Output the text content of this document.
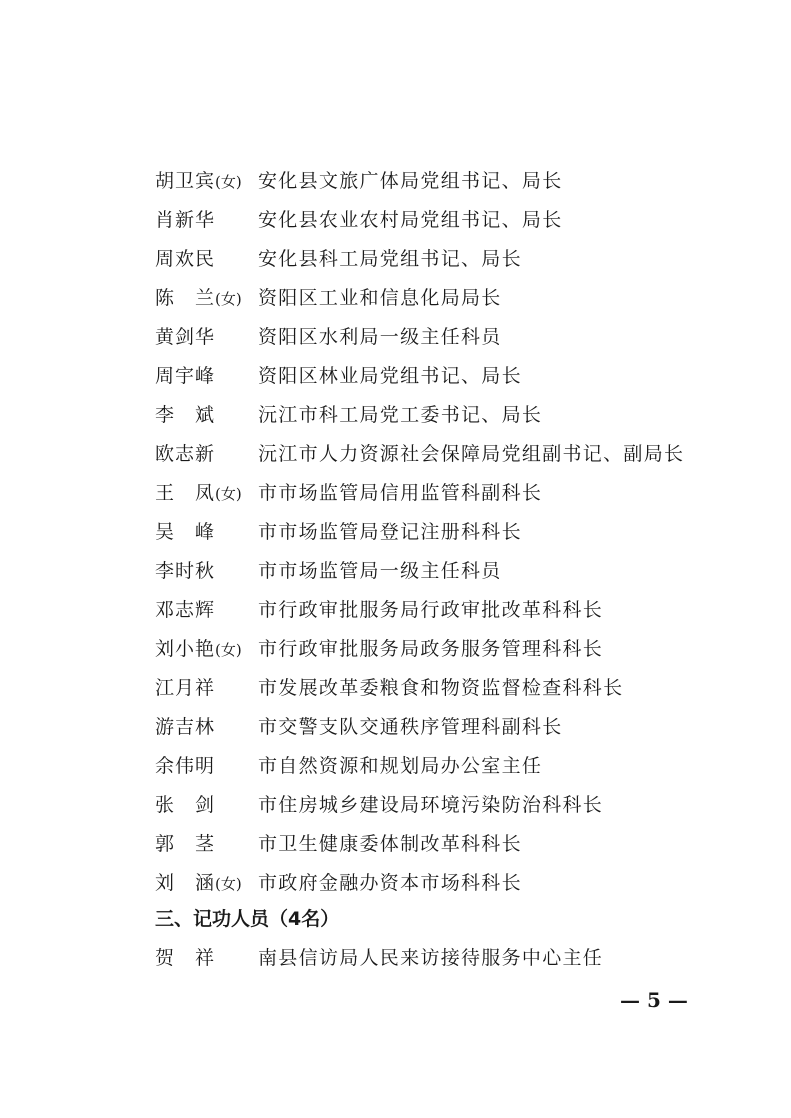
胡卫宾(女) 安化县文旅广体局党组书记、局长
肖新华 安化县农业农村局党组书记、局长
周欢民 安化县科工局党组书记、局长
陈　兰(女) 资阳区工业和信息化局局长
黄剑华 资阳区水利局一级主任科员
周宇峰 资阳区林业局党组书记、局长
李　斌 沅江市科工局党工委书记、局长
欧志新 沅江市人力资源社会保障局党组副书记、副局长
王　凤(女) 市市场监管局信用监管科副科长
吴　峰 市市场监管局登记注册科科长
李时秋 市市场监管局一级主任科员
邓志辉 市行政审批服务局行政审批改革科科长
刘小艳(女) 市行政审批服务局政务服务管理科科长
江月祥 市发展改革委粮食和物资监督检查科科长
游吉林 市交警支队交通秩序管理科副科长
余伟明 市自然资源和规划局办公室主任
张　剑 市住房城乡建设局环境污染防治科科长
郭　茎 市卫生健康委体制改革科科长
刘　涵(女) 市政府金融办资本市场科科长
三、记功人员（4名）
贺　祥 南县信访局人民来访接待服务中心主任
— 5 —
